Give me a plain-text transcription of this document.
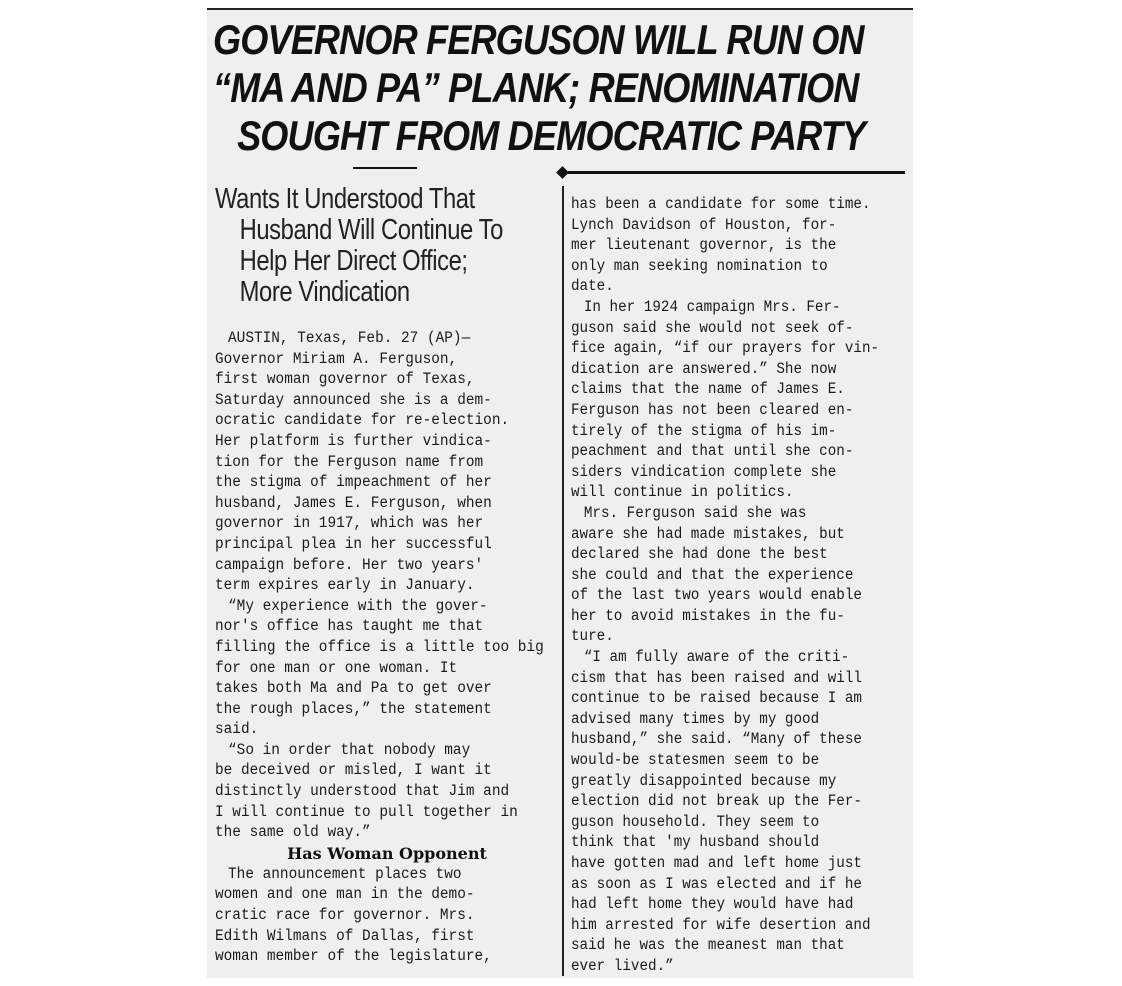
GOVERNOR FERGUSON WILL RUN ON
“MA AND PA” PLANK; RENOMINATION
SOUGHT FROM DEMOCRATIC PARTY
Wants It Understood That
Husband Will Continue To
Help Her Direct Office;
More Vindication
AUSTIN, Texas, Feb. 27 (AP)—
Governor Miriam A. Ferguson,
first woman governor of Texas,
Saturday announced she is a dem-
ocratic candidate for re-election.
Her platform is further vindica-
tion for the Ferguson name from
the stigma of impeachment of her
husband, James E. Ferguson, when
governor in 1917, which was her
principal plea in her successful
campaign before. Her two years'
term expires early in January.
“My experience with the gover-
nor's office has taught me that
filling the office is a little too big
for one man or one woman. It
takes both Ma and Pa to get over
the rough places,” the statement
said.
“So in order that nobody may
be deceived or misled, I want it
distinctly understood that Jim and
I will continue to pull together in
the same old way.”
Has Woman Opponent
The announcement places two
women and one man in the demo-
cratic race for governor. Mrs.
Edith Wilmans of Dallas, first
woman member of the legislature,
has been a candidate for some time.
Lynch Davidson of Houston, for-
mer lieutenant governor, is the
only man seeking nomination to
date.
In her 1924 campaign Mrs. Fer-
guson said she would not seek of-
fice again, “if our prayers for vin-
dication are answered.” She now
claims that the name of James E.
Ferguson has not been cleared en-
tirely of the stigma of his im-
peachment and that until she con-
siders vindication complete she
will continue in politics.
Mrs. Ferguson said she was
aware she had made mistakes, but
declared she had done the best
she could and that the experience
of the last two years would enable
her to avoid mistakes in the fu-
ture.
“I am fully aware of the criti-
cism that has been raised and will
continue to be raised because I am
advised many times by my good
husband,” she said. “Many of these
would-be statesmen seem to be
greatly disappointed because my
election did not break up the Fer-
guson household. They seem to
think that 'my husband should
have gotten mad and left home just
as soon as I was elected and if he
had left home they would have had
him arrested for wife desertion and
said he was the meanest man that
ever lived.”
